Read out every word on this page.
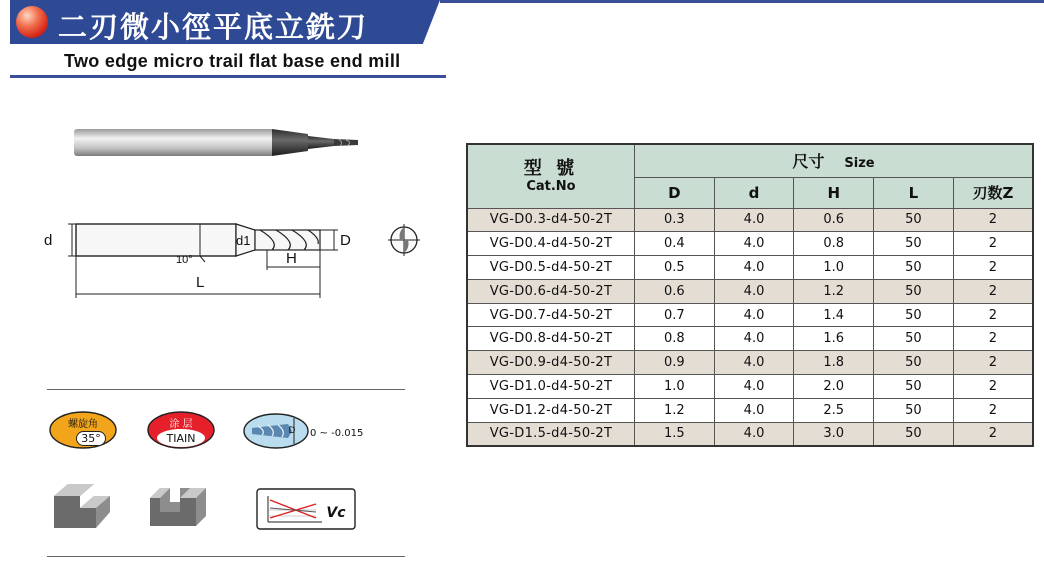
二刃微小徑平底立銑刀
Two edge micro trail flat base end mill
d	d1	D
10°	H
L
螺旋角
35°
涂 层
TIAIN
D 0 ~ -0.015
Vc
型 號
Cat.No	尺寸 Size				
	D	d	H	L	刃数Z
VG-D0.3-d4-50-2T	0.3	4.0	0.6	50	2
VG-D0.4-d4-50-2T	0.4	4.0	0.8	50	2
VG-D0.5-d4-50-2T	0.5	4.0	1.0	50	2
VG-D0.6-d4-50-2T	0.6	4.0	1.2	50	2
VG-D0.7-d4-50-2T	0.7	4.0	1.4	50	2
VG-D0.8-d4-50-2T	0.8	4.0	1.6	50	2
VG-D0.9-d4-50-2T	0.9	4.0	1.8	50	2
VG-D1.0-d4-50-2T	1.0	4.0	2.0	50	2
VG-D1.2-d4-50-2T	1.2	4.0	2.5	50	2
VG-D1.5-d4-50-2T	1.5	4.0	3.0	50	2
